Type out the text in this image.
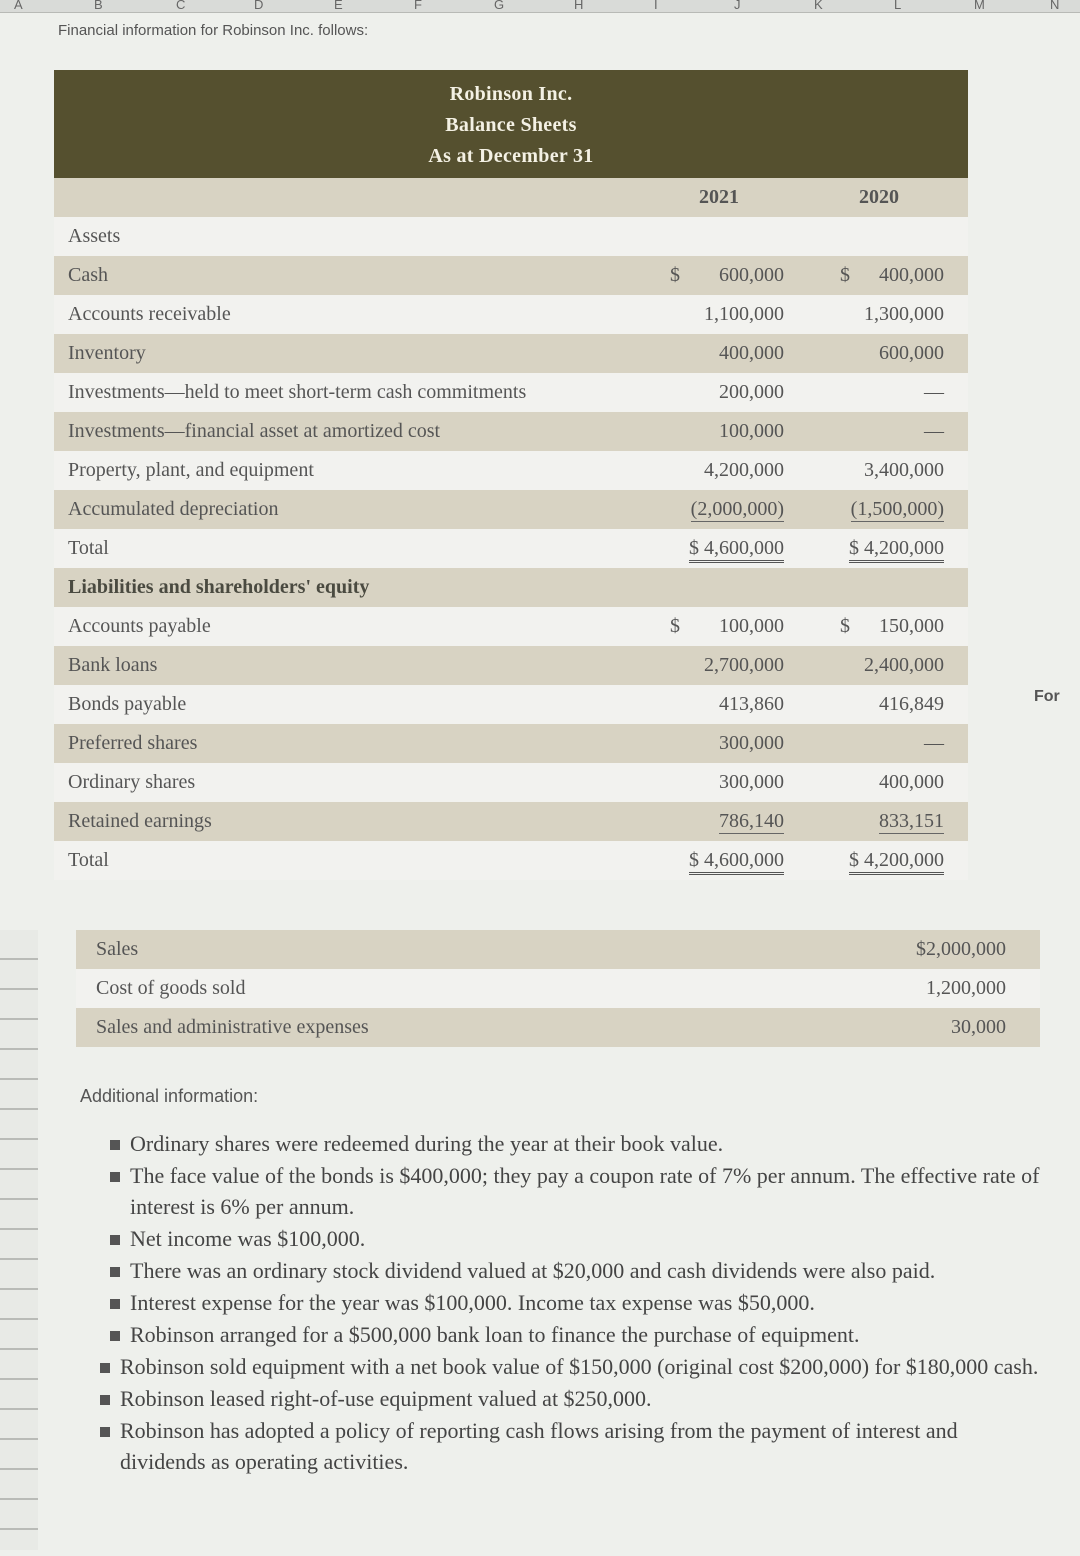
A	B	C	D	E	F	G	H	I	J	K	L	M	N
Financial information for Robinson Inc. follows:
Robinson Inc.
Balance Sheets
As at December 31
2021	2020
Assets
Cash	$	600,000	$	400,000
Accounts receivable	1,100,000	1,300,000
Inventory	400,000	600,000
Investments—held to meet short-term cash commitments	200,000	—
Investments—financial asset at amortized cost	100,000	—
Property, plant, and equipment	4,200,000	3,400,000
Accumulated depreciation	(2,000,000)	(1,500,000)
Total	$ 4,600,000	$ 4,200,000
Liabilities and shareholders' equity
Accounts payable	$	100,000	$	150,000
Bank loans	2,700,000	2,400,000
Bonds payable	413,860	416,849
Preferred shares	300,000	—
Ordinary shares	300,000	400,000
Retained earnings	786,140	833,151
Total	$ 4,600,000	$ 4,200,000
For
Sales	$2,000,000
Cost of goods sold	1,200,000
Sales and administrative expenses	30,000
Additional information:
Ordinary shares were redeemed during the year at their book value.
The face value of the bonds is $400,000; they pay a coupon rate of 7% per annum. The effective rate of interest is 6% per annum.
Net income was $100,000.
There was an ordinary stock dividend valued at $20,000 and cash dividends were also paid.
Interest expense for the year was $100,000. Income tax expense was $50,000.
Robinson arranged for a $500,000 bank loan to finance the purchase of equipment.
Robinson sold equipment with a net book value of $150,000 (original cost $200,000) for $180,000 cash.
Robinson leased right-of-use equipment valued at $250,000.
Robinson has adopted a policy of reporting cash flows arising from the payment of interest and dividends as operating activities.
